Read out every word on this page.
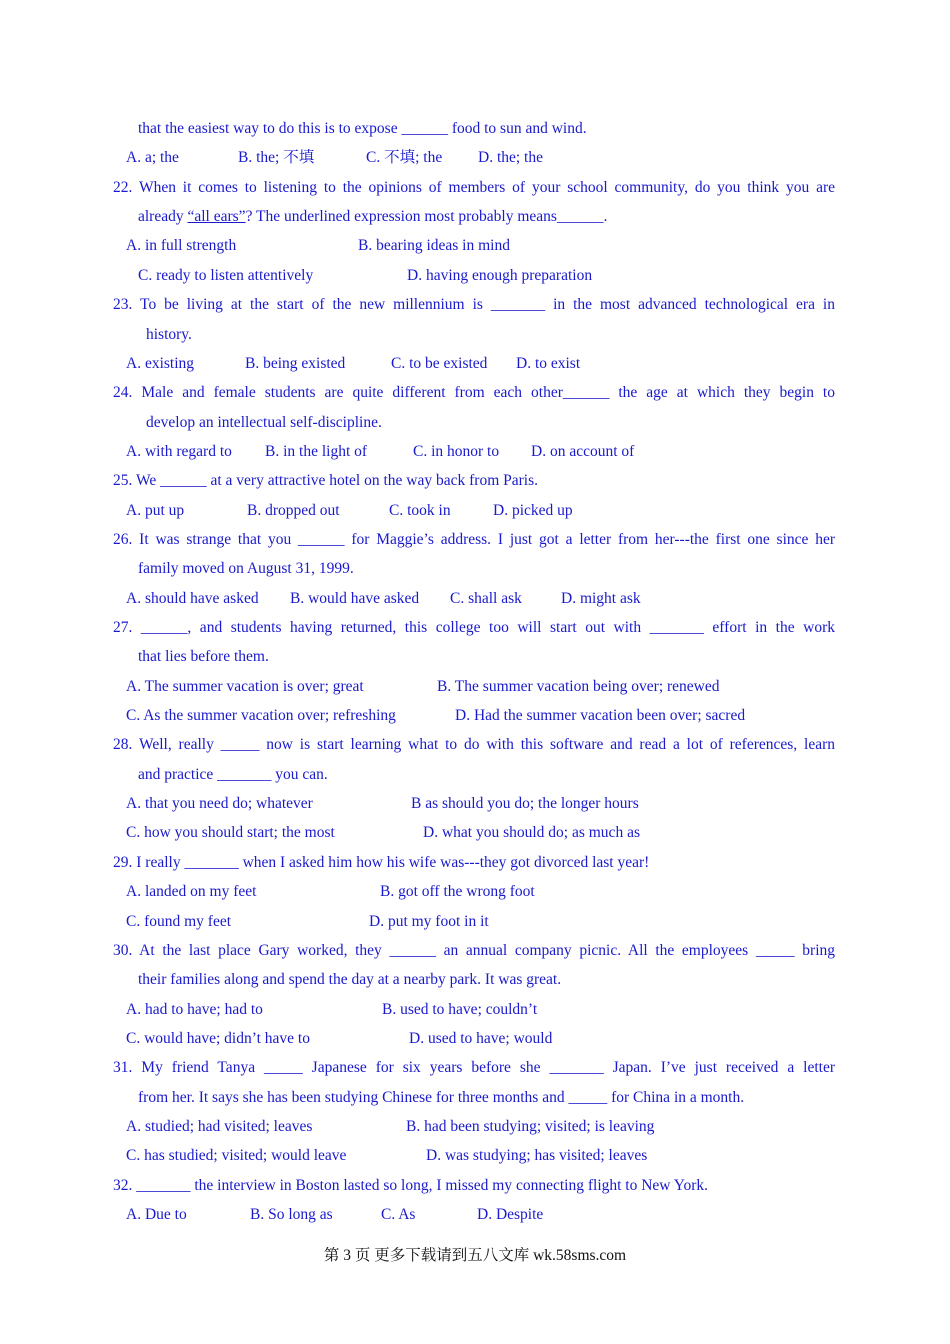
that the easiest way to do this is to expose ______ food to sun and wind.
A. a; the	B. the; 不填	C. 不填; the D. the; the
22. When it comes to listening to the opinions of members of your school community, do you think you are
already “all ears”? The underlined expression most probably means______.
A. in full strength	B. bearing ideas in mind
C. ready to listen attentively	D. having enough preparation
23. To be living at the start of the new millennium is _______ in the most advanced technological era in
history.
A. existing	B. being existed	C. to be existed D. to exist
24. Male and female students are quite different from each other______ the age at which they begin to
develop an intellectual self-discipline.
A. with regard to B. in the light of	C. in honor to D. on account of
25. We ______ at a very attractive hotel on the way back from Paris.
A. put up	B. dropped out	C. took in	D. picked up
26. It was strange that you ______ for Maggie’s address. I just got a letter from her---the first one since her
family moved on August 31, 1999.
A. should have asked B. would have asked C. shall ask	D. might ask
27. ______, and students having returned, this college too will start out with _______ effort in the work
that lies before them.
A. The summer vacation is over; great	B. The summer vacation being over; renewed
C. As the summer vacation over; refreshing	D. Had the summer vacation been over; sacred
28. Well, really _____ now is start learning what to do with this software and read a lot of references, learn
and practice _______ you can.
A. that you need do; whatever	B as should you do; the longer hours
C. how you should start; the most	D. what you should do; as much as
29. I really _______ when I asked him how his wife was---they got divorced last year!
A. landed on my feet	B. got off the wrong foot
C. found my feet	D. put my foot in it
30. At the last place Gary worked, they ______ an annual company picnic. All the employees _____ bring
their families along and spend the day at a nearby park. It was great.
A. had to have; had to	B. used to have; couldn’t
C. would have; didn’t have to	D. used to have; would
31. My friend Tanya _____ Japanese for six years before she _______ Japan. I’ve just received a letter
from her. It says she has been studying Chinese for three months and _____ for China in a month.
A. studied; had visited; leaves	B. had been studying; visited; is leaving
C. has studied; visited; would leave	D. was studying; has visited; leaves
32. _______ the interview in Boston lasted so long, I missed my connecting flight to New York.
A. Due to	B. So long as	C. As	D. Despite
第 3 页 更多下载请到五八文库 wk.58sms.com
